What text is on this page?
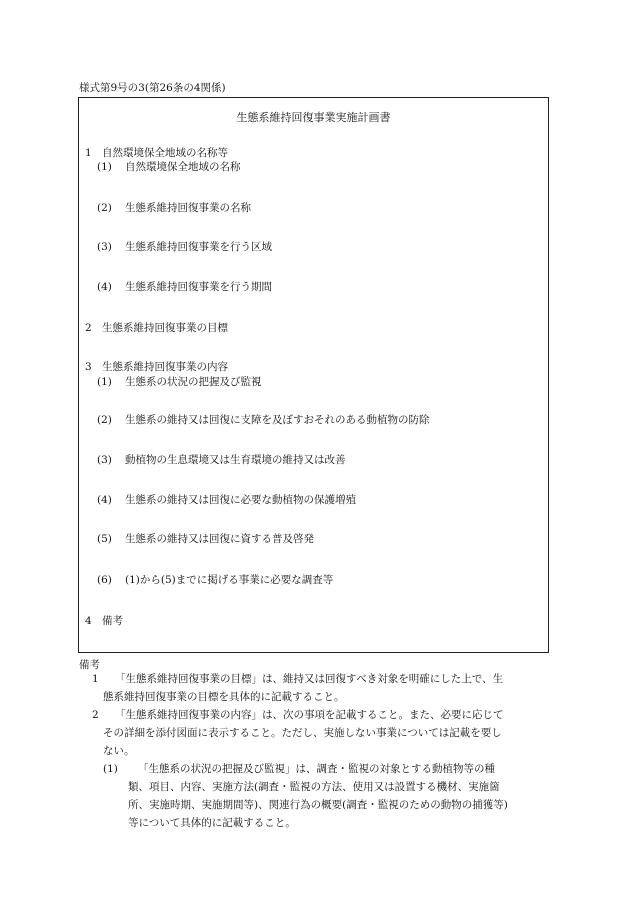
様式第9号の3(第26条の4関係)
生態系維持回復事業実施計画書
1 自然環境保全地域の名称等
(1) 自然環境保全地域の名称
(2) 生態系維持回復事業の名称
(3) 生態系維持回復事業を行う区域
(4) 生態系維持回復事業を行う期間
2 生態系維持回復事業の目標
3 生態系維持回復事業の内容
(1) 生態系の状況の把握及び監視
(2) 生態系の維持又は回復に支障を及ぼすおそれのある動植物の防除
(3) 動植物の生息環境又は生育環境の維持又は改善
(4) 生態系の維持又は回復に必要な動植物の保護増殖
(5) 生態系の維持又は回復に資する普及啓発
(6) (1)から(5)までに掲げる事業に必要な調査等
4 備考
備考
1 「生態系維持回復事業の目標」は、維持又は回復すべき対象を明確にした上で、生
態系維持回復事業の目標を具体的に記載すること。
2 「生態系維持回復事業の内容」は、次の事項を記載すること。また、必要に応じて
その詳細を添付図面に表示すること。ただし、実施しない事業については記載を要し
ない。
(1) 「生態系の状況の把握及び監視」は、調査・監視の対象とする動植物等の種
類、項目、内容、実施方法(調査・監視の方法、使用又は設置する機材、実施箇
所、実施時期、実施期間等)、関連行為の概要(調査・監視のための動物の捕獲等)
等について具体的に記載すること。
